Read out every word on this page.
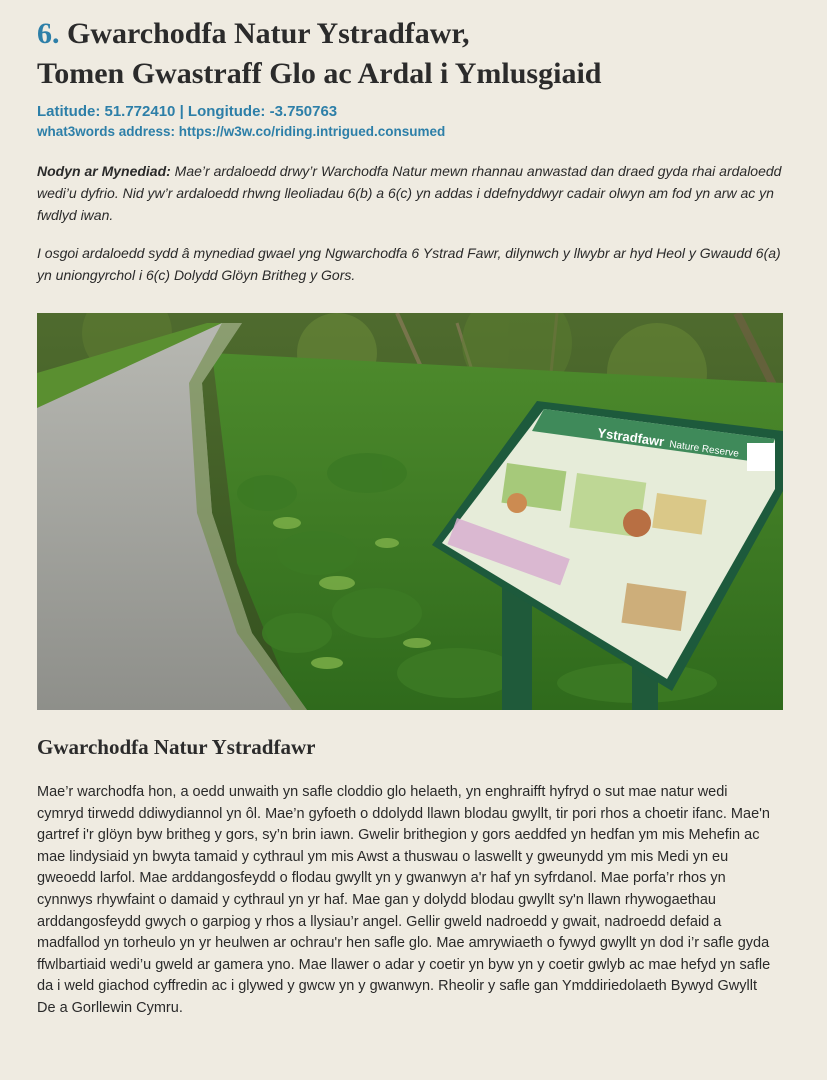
6. Gwarchodfa Natur Ystradfawr,
Tomen Gwastraff Glo ac Ardal i Ymlusgiaid
Latitude: 51.772410 | Longitude: -3.750763
what3words address: https://w3w.co/riding.intrigued.consumed
Nodyn ar Mynediad: Mae’r ardaloedd drwy’r Warchodfa Natur mewn rhannau anwastad dan draed gyda rhai ardaloedd wedi’u dyfrio. Nid yw’r ardaloedd rhwng lleoliadau 6(b) a 6(c) yn addas i ddefnyddwyr cadair olwyn am fod yn arw ac yn fwdlyd iwan.
I osgoi ardaloedd sydd â mynediad gwael yng Ngwarchodfa 6 Ystrad Fawr, dilynwch y llwybr ar hyd Heol y Gwaudd 6(a) yn uniongyrchol i 6(c) Dolydd Glöyn Britheg y Gors.
Ystradfawr
Nature Reserve
Gwarchodfa Natur Ystradfawr

Mae’r warchodfa hon, a oedd unwaith yn safle cloddio glo helaeth, yn enghraifft hyfryd o sut mae natur wedi cymryd tirwedd ddiwydiannol yn ôl. Mae’n gyfoeth o ddolydd llawn blodau gwyllt, tir pori rhos a choetir ifanc. Mae'n gartref i'r glöyn byw britheg y gors, sy’n brin iawn. Gwelir brithegion y gors aeddfed yn hedfan ym mis Mehefin ac mae lindysiaid yn bwyta tamaid y cythraul ym mis Awst a thuswau o laswellt y gweunydd ym mis Medi yn eu gweoedd larfol. Mae arddangosfeydd o flodau gwyllt yn y gwanwyn a'r haf yn syfrdanol. Mae porfa’r rhos yn cynnwys rhywfaint o damaid y cythraul yn yr haf. Mae gan y dolydd blodau gwyllt sy'n llawn rhywogaethau arddangosfeydd gwych o garpiog y rhos a llysiau’r angel. Gellir gweld nadroedd y gwait, nadroedd defaid a madfallod yn torheulo yn yr heulwen ar ochrau'r hen safle glo. Mae amrywiaeth o fywyd gwyllt yn dod i’r safle gyda ffwlbartiaid wedi’u gweld ar gamera yno. Mae llawer o adar y coetir yn byw yn y coetir gwlyb ac mae hefyd yn safle da i weld giachod cyffredin ac i glywed y gwcw yn y gwanwyn. Rheolir y safle gan Ymddiriedolaeth Bywyd Gwyllt De a Gorllewin Cymru.
